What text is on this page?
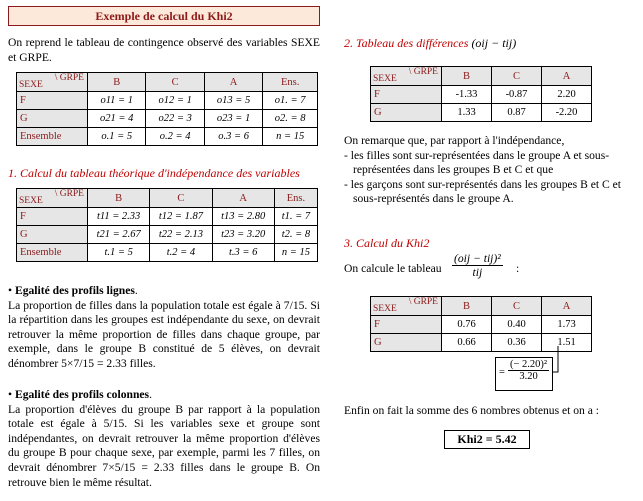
Exemple de calcul du Khi2
On reprend le tableau de contingence observé des variables SEXE et GRPE.
SEXE
\ GRPE	B	C	A	Ens.
F	o11 = 1	o12 = 1	o13 = 5	o1. = 7
G	o21 = 4	o22 = 3	o23 = 1	o2. = 8
Ensemble	o.1 = 5	o.2 = 4	o.3 = 6	n = 15
1. Calcul du tableau théorique d'indépendance des variables
SEXE
\ GRPE	B	C	A	Ens.
F	t11 = 2.33	t12 = 1.87	t13 = 2.80	t1. = 7
G	t21 = 2.67	t22 = 2.13	t23 = 3.20	t2. = 8
Ensemble	t.1 = 5	t.2 = 4	t.3 = 6	n = 15
• Egalité des profils lignes.
La proportion de filles dans la population totale est égale à 7/15. Si la répartition dans les groupes est indépendante du sexe, on devrait retrouver la même proportion de filles dans chaque groupe, par exemple, dans le groupe B constitué de 5 élèves, on devrait dénombrer 5×7/15 = 2.33 filles.
• Egalité des profils colonnes.
La proportion d'élèves du groupe B par rapport à la population totale est égale à 5/15. Si les variables sexe et groupe sont indépendantes, on devrait retrouver la même proportion d'élèves du groupe B pour chaque sexe, par exemple, parmi les 7 filles, on devrait dénombrer 7×5/15 = 2.33 filles dans le groupe B. On retrouve bien le même résultat.
2. Tableau des différences (oij − tij)
SEXE
\ GRPE	B	C	A
F	-1.33	-0.87	2.20
G	1.33	0.87	-2.20
On remarque que, par rapport à l'indépendance,
- les filles sont sur-représentées dans le groupe A et sous-
représentées dans les groupes B et C et que
- les garçons sont sur-représentés dans les groupes B et C et
sous-représentés dans le groupe A.
3. Calcul du Khi2
On calcule le tableau
(oij − tij)²
tij	:
SEXE
\ GRPE	B	C	A
F	0.76	0.40	1.73
G	0.66	0.36	1.51
= $\frac{\text{(− 2.20)²}}{3.20}$
Enfin on fait la somme des 6 nombres obtenus et on a :
Khi2 = 5.42
